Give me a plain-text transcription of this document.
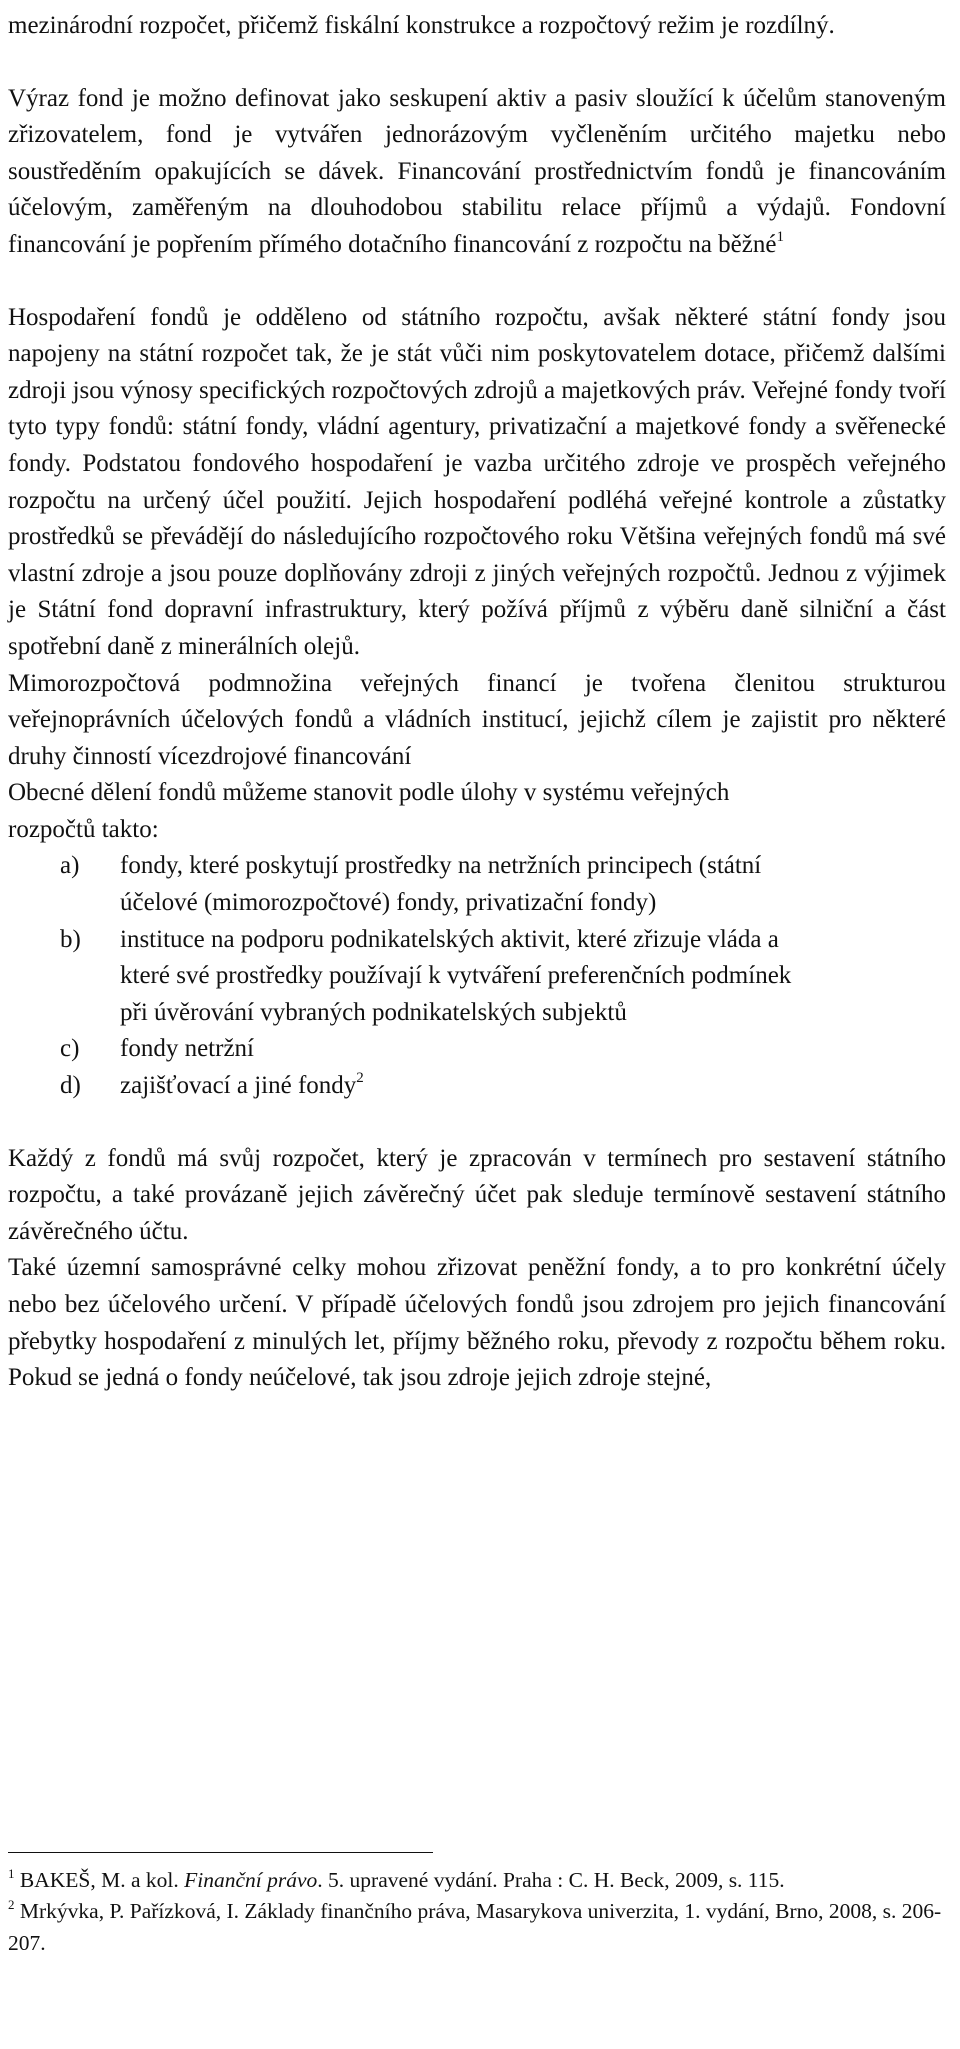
mezinárodní rozpočet, přičemž fiskální konstrukce a rozpočtový režim je rozdílný.

Výraz fond je možno definovat jako seskupení aktiv a pasiv sloužící k účelům stanoveným zřizovatelem, fond je vytvářen jednorázovým vyčleněním určitého majetku nebo soustředěním opakujících se dávek. Financování prostřednictvím fondů je financováním účelovým, zaměřeným na dlouhodobou stabilitu relace příjmů a výdajů. Fondovní financování je popřením přímého dotačního financování z rozpočtu na běžné$^1$

Hospodaření fondů je odděleno od státního rozpočtu, avšak některé státní fondy jsou napojeny na státní rozpočet tak, že je stát vůči nim poskytovatelem dotace, přičemž dalšími zdroji jsou výnosy specifických rozpočtových zdrojů a majetkových práv. Veřejné fondy tvoří tyto typy fondů: státní fondy, vládní agentury, privatizační a majetkové fondy a svěřenecké fondy. Podstatou fondového hospodaření je vazba určitého zdroje ve prospěch veřejného rozpočtu na určený účel použití. Jejich hospodaření podléhá veřejné kontrole a zůstatky prostředků se převádějí do následujícího rozpočtového roku Většina veřejných fondů má své vlastní zdroje a jsou pouze doplňovány zdroji z jiných veřejných rozpočtů. Jednou z výjimek je Státní fond dopravní infrastruktury, který požívá příjmů z výběru daně silniční a část spotřební daně z minerálních olejů.

Mimorozpočtová podmnožina veřejných financí je tvořena členitou strukturou veřejnoprávních účelových fondů a vládních institucí, jejichž cílem je zajistit pro některé druhy činností vícezdrojové financování

Obecné dělení fondů můžeme stanovit podle úlohy v systému veřejných rozpočtů takto:

a) fondy, které poskytují prostředky na netržních principech (státní účelové (mimorozpočtové) fondy, privatizační fondy)
b) instituce na podporu podnikatelských aktivit, které zřizuje vláda a které své prostředky používají k vytváření preferenčních podmínek při úvěrování vybraných podnikatelských subjektů
c) fondy netržní
d) zajišťovací a jiné fondy$^2$

Každý z fondů má svůj rozpočet, který je zpracován v termínech pro sestavení státního rozpočtu, a také provázaně jejich závěrečný účet pak sleduje termínově sestavení státního závěrečného účtu.

Také územní samosprávné celky mohou zřizovat peněžní fondy, a to pro konkrétní účely nebo bez účelového určení. V případě účelových fondů jsou zdrojem pro jejich financování přebytky hospodaření z minulých let, příjmy běžného roku, převody z rozpočtu během roku. Pokud se jedná o fondy neúčelové, tak jsou zdroje jejich zdroje stejné,

$^1$ BAKEŠ, M. a kol. Finanční právo. 5. upravené vydání. Praha : C. H. Beck, 2009, s. 115.

$^2$ Mrkývka, P. Pařízková, I. Základy finančního práva, Masarykova univerzita, 1. vydání, Brno, 2008, s. 206-207.
